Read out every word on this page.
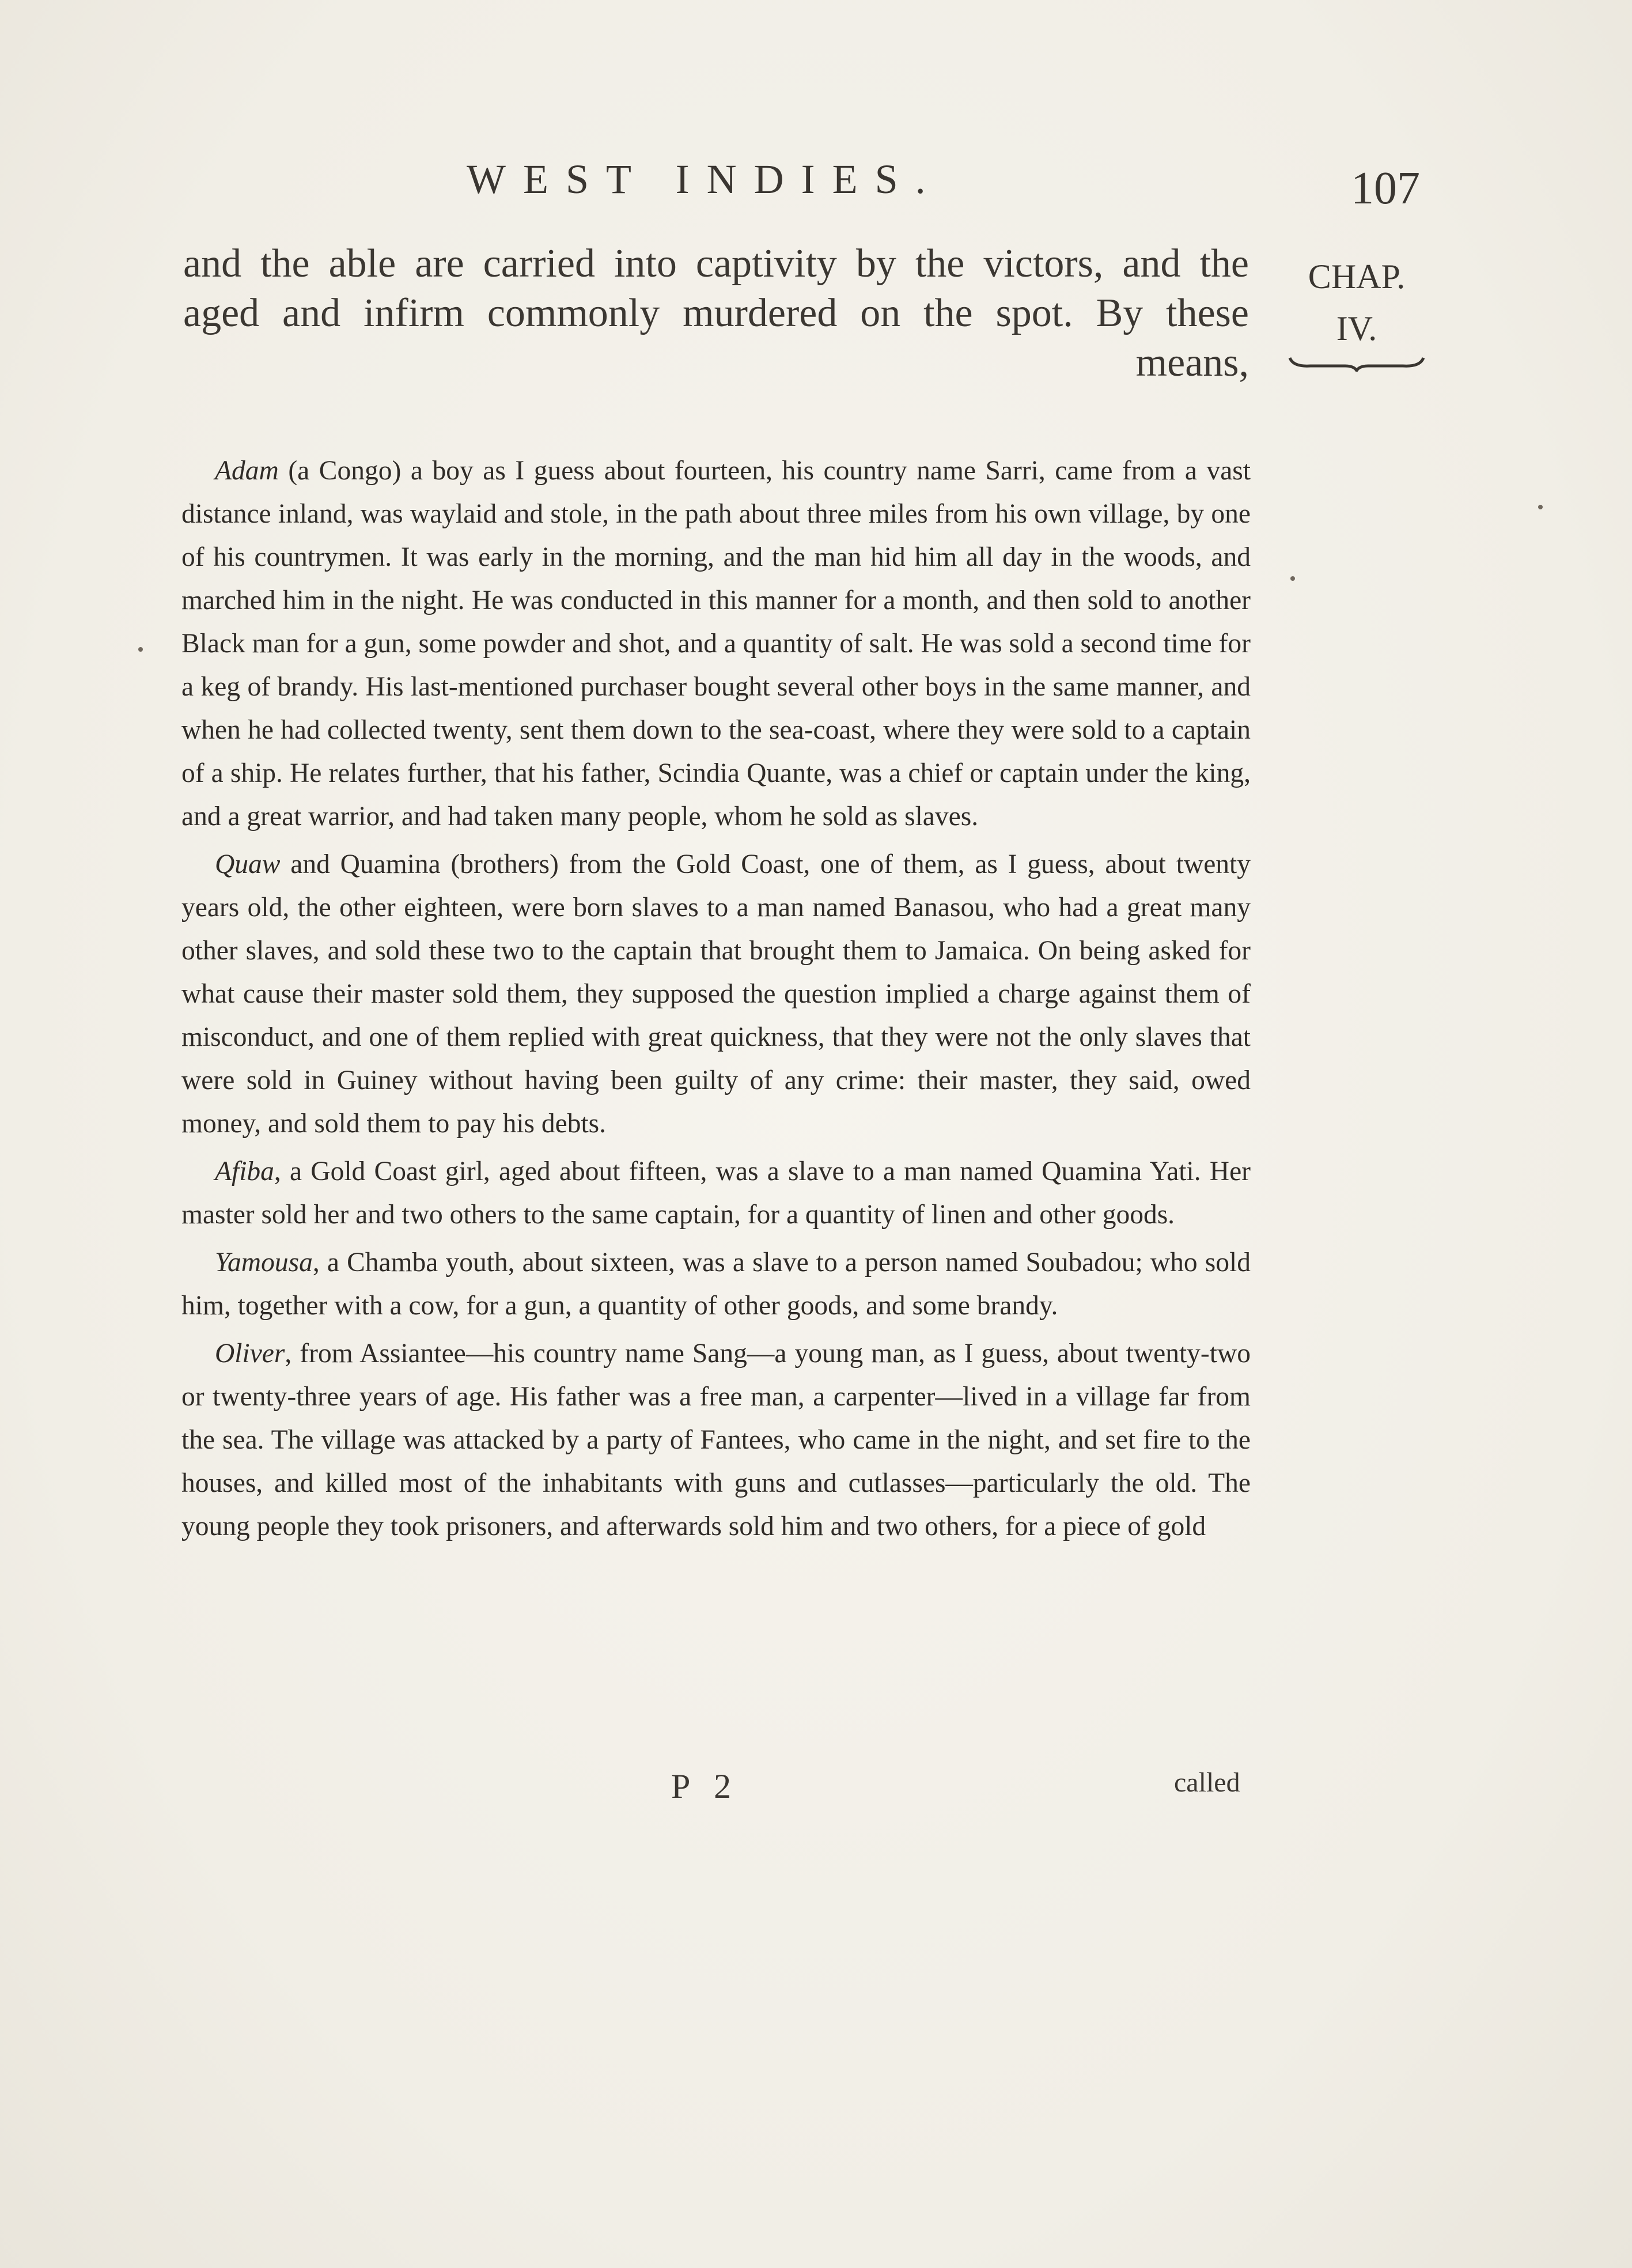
WEST INDIES.	107
and the able are carried into captivity by the victors, and the
aged and infirm commonly murdered on the spot. By these
means,
CHAP.
IV.

Adam (a Congo) a boy as I guess about fourteen, his country name Sarri, came from a vast distance inland, was waylaid and stole, in the path about three miles from his own village, by one of his countrymen. It was early in the morning, and the man hid him all day in the woods, and marched him in the night. He was conducted in this manner for a month, and then sold to another Black man for a gun, some powder and shot, and a quantity of salt. He was sold a second time for a keg of brandy. His last-mentioned purchaser bought several other boys in the same manner, and when he had collected twenty, sent them down to the sea-coast, where they were sold to a captain of a ship. He relates further, that his father, Scindia Quante, was a chief or captain under the king, and a great warrior, and had taken many people, whom he sold as slaves.

Quaw and Quamina (brothers) from the Gold Coast, one of them, as I guess, about twenty years old, the other eighteen, were born slaves to a man named Banasou, who had a great many other slaves, and sold these two to the captain that brought them to Jamaica. On being asked for what cause their master sold them, they supposed the question implied a charge against them of misconduct, and one of them replied with great quickness, that they were not the only slaves that were sold in Guiney without having been guilty of any crime: their master, they said, owed money, and sold them to pay his debts.

Afiba, a Gold Coast girl, aged about fifteen, was a slave to a man named Quamina Yati. Her master sold her and two others to the same captain, for a quantity of linen and other goods.

Yamousa, a Chamba youth, about sixteen, was a slave to a person named Soubadou; who sold him, together with a cow, for a gun, a quantity of other goods, and some brandy.

Oliver, from Assiantee—his country name Sang—a young man, as I guess, about twenty-two or twenty-three years of age. His father was a free man, a carpenter—lived in a village far from the sea. The village was attacked by a party of Fantees, who came in the night, and set fire to the houses, and killed most of the inhabitants with guns and cutlasses—particularly the old. The young people they took prisoners, and afterwards sold him and two others, for a piece of gold

P 2	called
